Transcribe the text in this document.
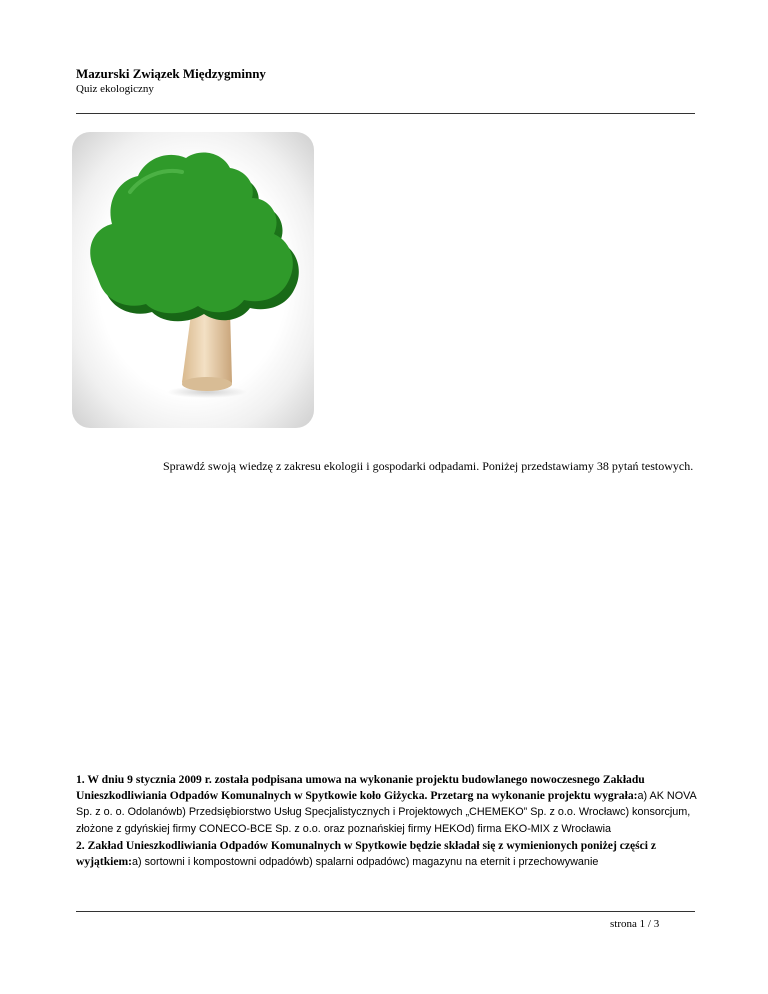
Mazurski Związek Międzygminny
Quiz ekologiczny
Sprawdź swoją wiedzę z zakresu ekologii i gospodarki odpadami. Poniżej przedstawiamy 38 pytań testowych.
1. W dniu 9 stycznia 2009 r. została podpisana umowa na wykonanie projektu budowlanego nowoczesnego Zakładu Unieszkodliwiania Odpadów Komunalnych w Spytkowie koło Giżycka. Przetarg na wykonanie projektu wygrała:a) AK NOVA Sp. z o. o. Odolanówb) Przedsiębiorstwo Usług Specjalistycznych i Projektowych „CHEMEKO” Sp. z o.o. Wrocławc) konsorcjum, złożone z gdyńskiej firmy CONECO-BCE Sp. z o.o. oraz poznańskiej firmy HEKOd) firma EKO-MIX z Wrocławia
2. Zakład Unieszkodliwiania Odpadów Komunalnych w Spytkowie będzie składał się z wymienionych poniżej części z wyjątkiem:a) sortowni i kompostowni odpadówb) spalarni odpadówc) magazynu na eternit i przechowywanie
strona 1 / 3
